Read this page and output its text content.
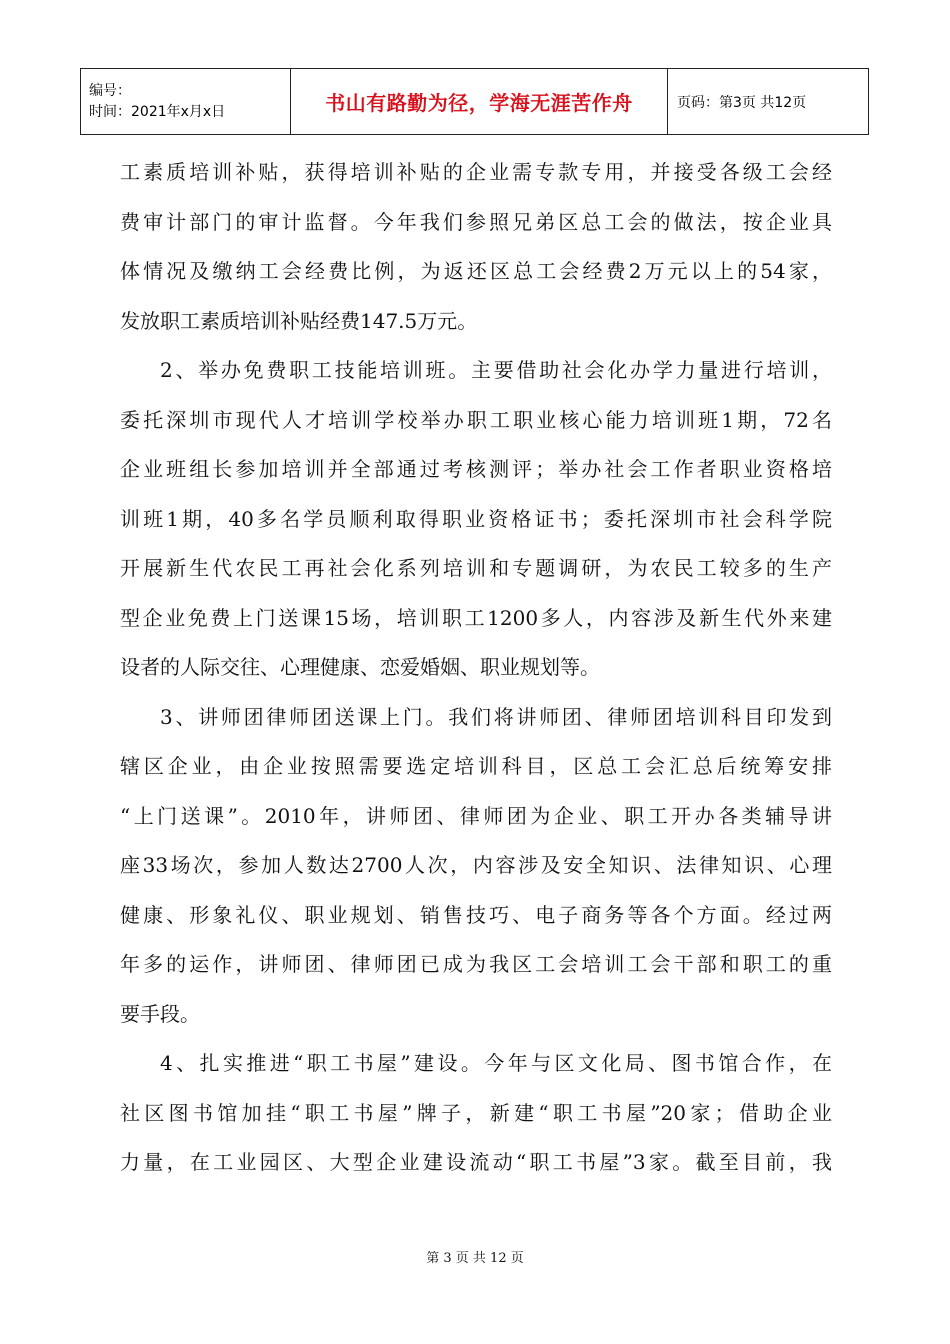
编号：
时间：2021年x月x日	书山有路勤为径，学海无涯苦作舟	页码：第3页 共12页
工素质培训补贴，获得培训补贴的企业需专款专用，并接受各级工会经
费审计部门的审计监督。今年我们参照兄弟区总工会的做法，按企业具
体情况及缴纳工会经费比例，为返还区总工会经费2万元以上的54家，
发放职工素质培训补贴经费147.5万元。
2、举办免费职工技能培训班。主要借助社会化办学力量进行培训，
委托深圳市现代人才培训学校举办职工职业核心能力培训班1期，72名
企业班组长参加培训并全部通过考核测评；举办社会工作者职业资格培
训班1期，40多名学员顺利取得职业资格证书；委托深圳市社会科学院
开展新生代农民工再社会化系列培训和专题调研，为农民工较多的生产
型企业免费上门送课15场，培训职工1200多人，内容涉及新生代外来建
设者的人际交往、心理健康、恋爱婚姻、职业规划等。
3、讲师团律师团送课上门。我们将讲师团、律师团培训科目印发到
辖区企业，由企业按照需要选定培训科目，区总工会汇总后统筹安排
“上门送课”。2010年，讲师团、律师团为企业、职工开办各类辅导讲
座33场次，参加人数达2700人次，内容涉及安全知识、法律知识、心理
健康、形象礼仪、职业规划、销售技巧、电子商务等各个方面。经过两
年多的运作，讲师团、律师团已成为我区工会培训工会干部和职工的重
要手段。
4、扎实推进“职工书屋”建设。今年与区文化局、图书馆合作，在
社区图书馆加挂“职工书屋”牌子，新建“职工书屋”20家；借助企业
力量，在工业园区、大型企业建设流动“职工书屋”3家。截至目前，我
第 3 页 共 12 页
